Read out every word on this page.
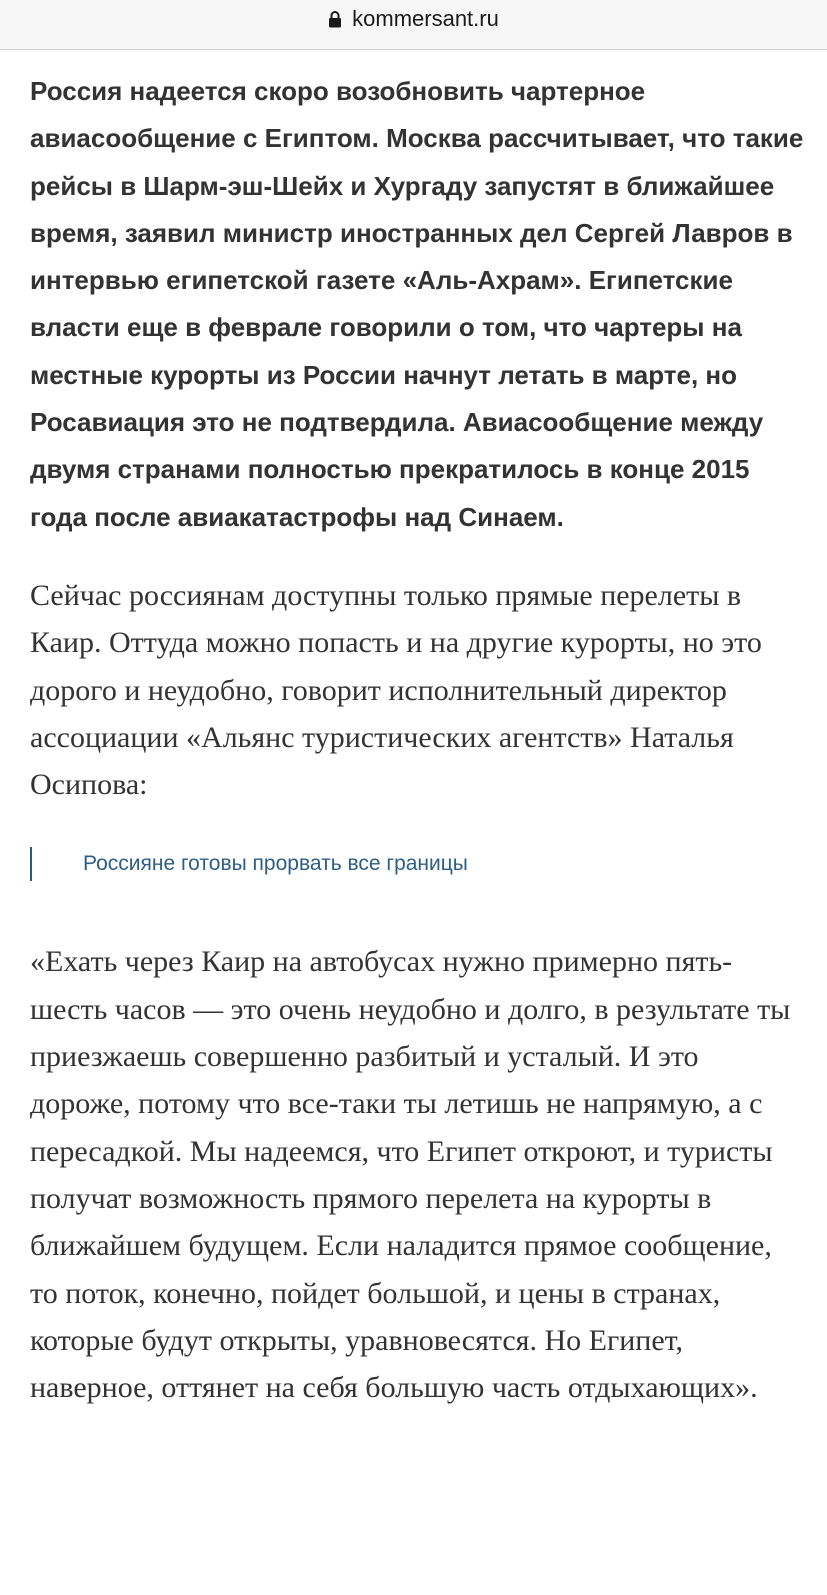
kommersant.ru

Россия надеется скоро возобновить чартерное авиасообщение с Египтом. Москва рассчитывает, что такие рейсы в Шарм-эш-Шейх и Хургаду запустят в ближайшее время, заявил министр иностранных дел Сергей Лавров в интервью египетской газете «Аль-Ахрам». Египетские власти еще в феврале говорили о том, что чартеры на местные курорты из России начнут летать в марте, но Росавиация это не подтвердила. Авиасообщение между двумя странами полностью прекратилось в конце 2015 года после авиакатастрофы над Синаем.

Сейчас россиянам доступны только прямые перелеты в Каир. Оттуда можно попасть и на другие курорты, но это дорого и неудобно, говорит исполнительный директор ассоциации «Альянс туристических агентств» Наталья Осипова:

Россияне готовы прорвать все границы

«Ехать через Каир на автобусах нужно примерно пять-шесть часов — это очень неудобно и долго, в результате ты приезжаешь совершенно разбитый и усталый. И это дороже, потому что все-таки ты летишь не напрямую, а с пересадкой. Мы надеемся, что Египет откроют, и туристы получат возможность прямого перелета на курорты в ближайшем будущем. Если наладится прямое сообщение, то поток, конечно, пойдет большой, и цены в странах, которые будут открыты, уравновесятся. Но Египет, наверное, оттянет на себя большую часть отдыхающих».
